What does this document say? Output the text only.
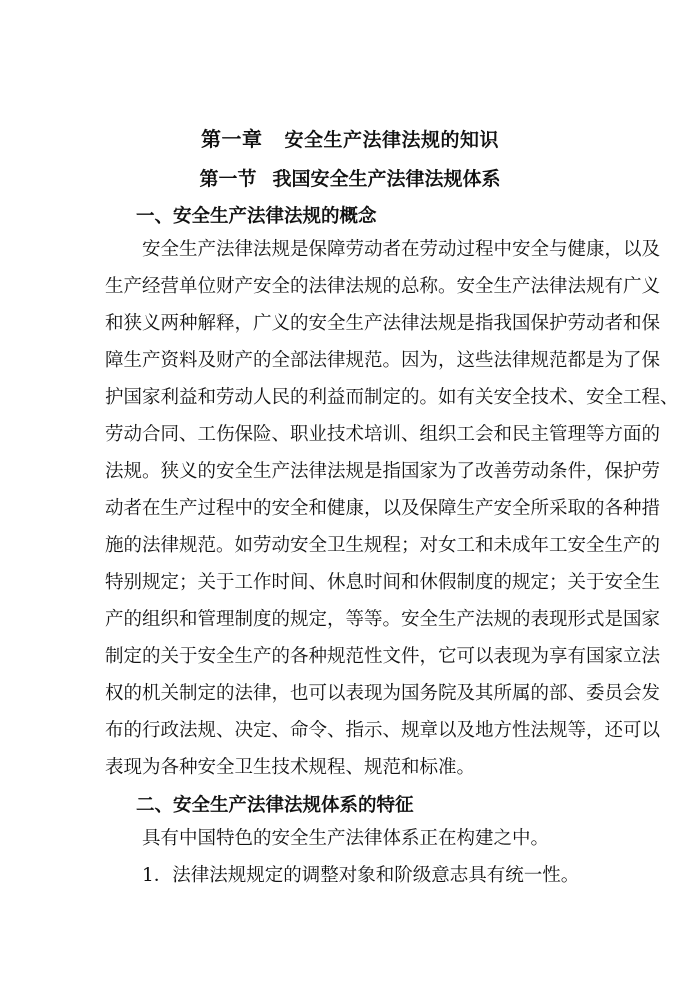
第一章 安全生产法律法规的知识
第一节 我国安全生产法律法规体系
一、安全生产法律法规的概念
安全生产法律法规是保障劳动者在劳动过程中安全与健康，以及
生产经营单位财产安全的法律法规的总称。安全生产法律法规有广义
和狭义两种解释，广义的安全生产法律法规是指我国保护劳动者和保
障生产资料及财产的全部法律规范。因为，这些法律规范都是为了保
护国家利益和劳动人民的利益而制定的。如有关安全技术、安全工程、
劳动合同、工伤保险、职业技术培训、组织工会和民主管理等方面的
法规。狭义的安全生产法律法规是指国家为了改善劳动条件，保护劳
动者在生产过程中的安全和健康，以及保障生产安全所采取的各种措
施的法律规范。如劳动安全卫生规程；对女工和未成年工安全生产的
特别规定；关于工作时间、休息时间和休假制度的规定；关于安全生
产的组织和管理制度的规定，等等。安全生产法规的表现形式是国家
制定的关于安全生产的各种规范性文件，它可以表现为享有国家立法
权的机关制定的法律，也可以表现为国务院及其所属的部、委员会发
布的行政法规、决定、命令、指示、规章以及地方性法规等，还可以
表现为各种安全卫生技术规程、规范和标准。
二、安全生产法律法规体系的特征
具有中国特色的安全生产法律体系正在构建之中。
1．法律法规规定的调整对象和阶级意志具有统一性。
